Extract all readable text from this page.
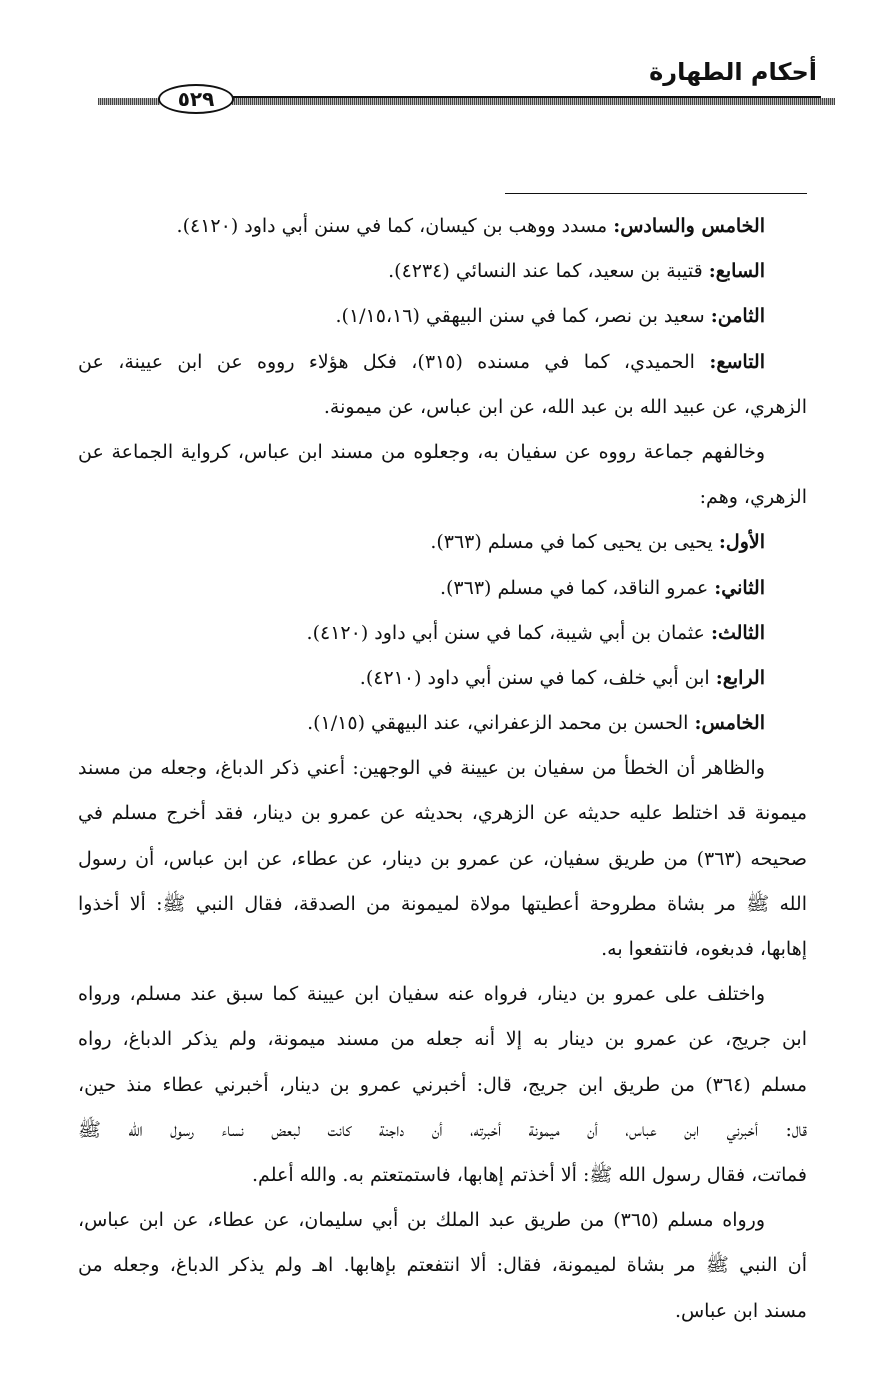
أحكام الطهارة
٥٢٩
الخامس والسادس: مسدد ووهب بن كيسان، كما في سنن أبي داود (٤١٢٠).
السابع: قتيبة بن سعيد، كما عند النسائي (٤٢٣٤).
الثامن: سعيد بن نصر، كما في سنن البيهقي (١/١٥،١٦).
التاسع: الحميدي، كما في مسنده (٣١٥)، فكل هؤلاء رووه عن ابن عيينة، عن
الزهري، عن عبيد الله بن عبد الله، عن ابن عباس، عن ميمونة.
وخالفهم جماعة رووه عن سفيان به، وجعلوه من مسند ابن عباس، كرواية الجماعة عن
الزهري، وهم:
الأول: يحيى بن يحيى كما في مسلم (٣٦٣).
الثاني: عمرو الناقد، كما في مسلم (٣٦٣).
الثالث: عثمان بن أبي شيبة، كما في سنن أبي داود (٤١٢٠).
الرابع: ابن أبي خلف، كما في سنن أبي داود (٤٢١٠).
الخامس: الحسن بن محمد الزعفراني، عند البيهقي (١/١٥).
والظاهر أن الخطأ من سفيان بن عيينة في الوجهين: أعني ذكر الدباغ، وجعله من مسند
ميمونة قد اختلط عليه حديثه عن الزهري، بحديثه عن عمرو بن دينار، فقد أخرج مسلم في
صحيحه (٣٦٣) من طريق سفيان، عن عمرو بن دينار، عن عطاء، عن ابن عباس، أن رسول
الله ﷺ مر بشاة مطروحة أعطيتها مولاة لميمونة من الصدقة، فقال النبي ﷺ: ألا أخذوا
إهابها، فدبغوه، فانتفعوا به.
واختلف على عمرو بن دينار، فرواه عنه سفيان ابن عيينة كما سبق عند مسلم، ورواه
ابن جريج، عن عمرو بن دينار به إلا أنه جعله من مسند ميمونة، ولم يذكر الدباغ، رواه
مسلم (٣٦٤) من طريق ابن جريج، قال: أخبرني عمرو بن دينار، أخبرني عطاء منذ حين،
قال: أخبرني ابن عباس، أن ميمونة أخبرته، أن داجنة كانت لبعض نساء رسول الله ﷺ
فماتت، فقال رسول الله ﷺ: ألا أخذتم إهابها، فاستمتعتم به. والله أعلم.
ورواه مسلم (٣٦٥) من طريق عبد الملك بن أبي سليمان، عن عطاء، عن ابن عباس،
أن النبي ﷺ مر بشاة لميمونة، فقال: ألا انتفعتم بإهابها. اهـ ولم يذكر الدباغ، وجعله من
مسند ابن عباس.
